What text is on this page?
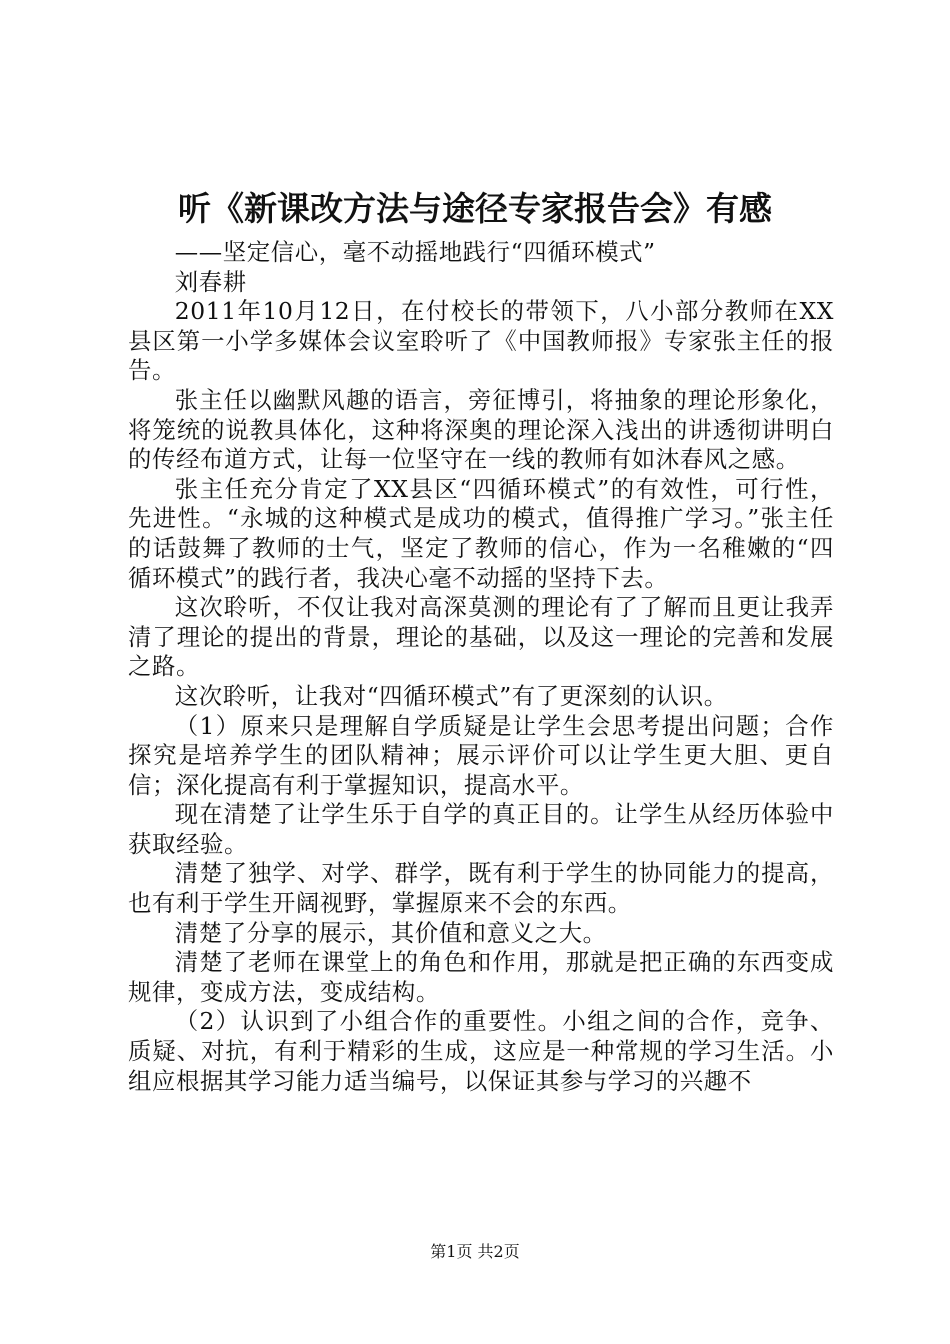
听《新课改方法与途径专家报告会》有感

——坚定信心，毫不动摇地践行“四循环模式”

刘春耕

2011年10月12日，在付校长的带领下，八小部分教师在XX县区第一小学多媒体会议室聆听了《中国教师报》专家张主任的报告。

张主任以幽默风趣的语言，旁征博引，将抽象的理论形象化，将笼统的说教具体化，这种将深奥的理论深入浅出的讲透彻讲明白的传经布道方式，让每一位坚守在一线的教师有如沐春风之感。

张主任充分肯定了XX县区“四循环模式”的有效性，可行性，先进性。“永城的这种模式是成功的模式，值得推广学习。”张主任的话鼓舞了教师的士气，坚定了教师的信心，作为一名稚嫩的“四循环模式”的践行者，我决心毫不动摇的坚持下去。

这次聆听，不仅让我对高深莫测的理论有了了解而且更让我弄清了理论的提出的背景，理论的基础，以及这一理论的完善和发展之路。

这次聆听，让我对“四循环模式”有了更深刻的认识。

（1）原来只是理解自学质疑是让学生会思考提出问题；合作探究是培养学生的团队精神；展示评价可以让学生更大胆、更自信；深化提高有利于掌握知识，提高水平。

现在清楚了让学生乐于自学的真正目的。让学生从经历体验中获取经验。

清楚了独学、对学、群学，既有利于学生的协同能力的提高，也有利于学生开阔视野，掌握原来不会的东西。

清楚了分享的展示，其价值和意义之大。

清楚了老师在课堂上的角色和作用，那就是把正确的东西变成规律，变成方法，变成结构。

（2）认识到了小组合作的重要性。小组之间的合作，竞争、质疑、对抗，有利于精彩的生成，这应是一种常规的学习生活。小组应根据其学习能力适当编号，以保证其参与学习的兴趣不

第1页 共2页
